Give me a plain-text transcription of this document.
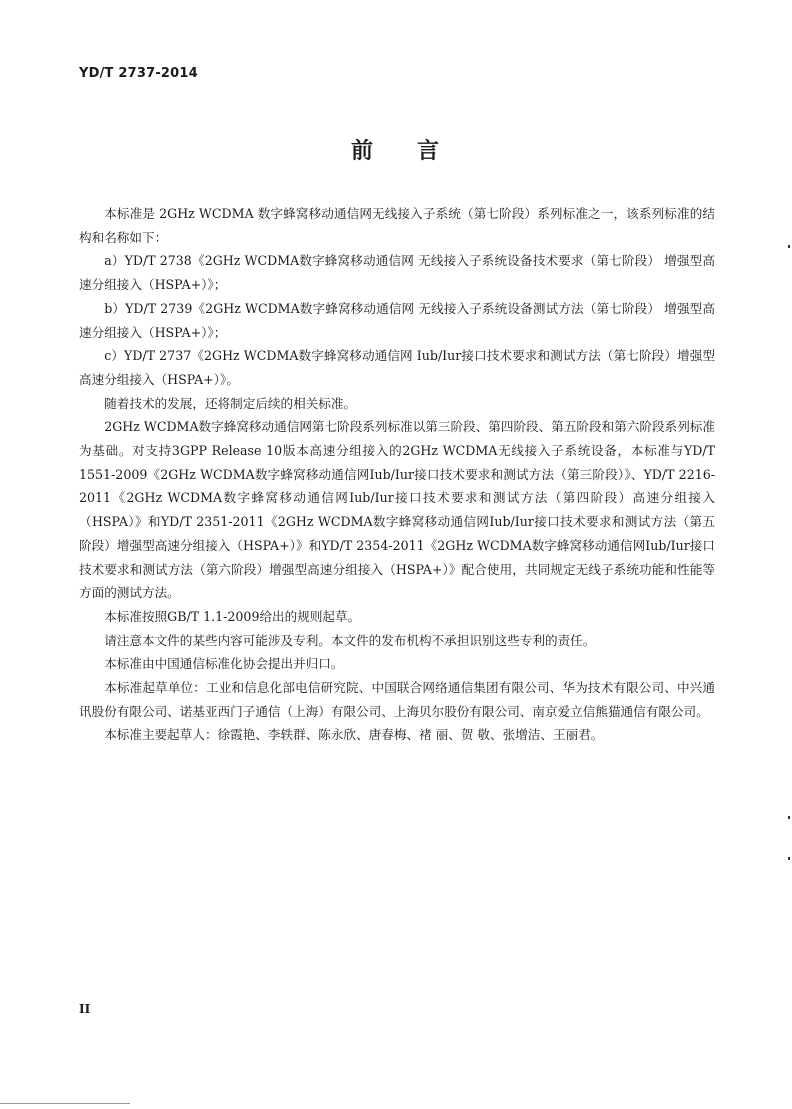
YD/T 2737-2014
前 言

本标准是 2GHz WCDMA 数字蜂窝移动通信网无线接入子系统（第七阶段）系列标准之一，该系列标准的结构和名称如下：

a）YD/T 2738《2GHz WCDMA数字蜂窝移动通信网 无线接入子系统设备技术要求（第七阶段） 增强型高速分组接入（HSPA+）》；

b）YD/T 2739《2GHz WCDMA数字蜂窝移动通信网 无线接入子系统设备测试方法（第七阶段） 增强型高速分组接入（HSPA+）》；

c）YD/T 2737《2GHz WCDMA数字蜂窝移动通信网 Iub/Iur接口技术要求和测试方法（第七阶段）增强型高速分组接入（HSPA+）》。

随着技术的发展，还将制定后续的相关标准。

2GHz WCDMA数字蜂窝移动通信网第七阶段系列标准以第三阶段、第四阶段、第五阶段和第六阶段系列标准为基础。对支持3GPP Release 10版本高速分组接入的2GHz WCDMA无线接入子系统设备，本标准与YD/T 1551-2009《2GHz WCDMA数字蜂窝移动通信网Iub/Iur接口技术要求和测试方法（第三阶段）》、YD/T 2216-2011《2GHz WCDMA数字蜂窝移动通信网Iub/Iur接口技术要求和测试方法（第四阶段）高速分组接入（HSPA）》和YD/T 2351-2011《2GHz WCDMA数字蜂窝移动通信网Iub/Iur接口技术要求和测试方法（第五阶段）增强型高速分组接入（HSPA+）》和YD/T 2354-2011《2GHz WCDMA数字蜂窝移动通信网Iub/Iur接口技术要求和测试方法（第六阶段）增强型高速分组接入（HSPA+）》配合使用，共同规定无线子系统功能和性能等方面的测试方法。

本标准按照GB/T 1.1-2009给出的规则起草。

请注意本文件的某些内容可能涉及专利。本文件的发布机构不承担识别这些专利的责任。

本标准由中国通信标准化协会提出并归口。

本标准起草单位：工业和信息化部电信研究院、中国联合网络通信集团有限公司、华为技术有限公司、中兴通讯股份有限公司、诺基亚西门子通信（上海）有限公司、上海贝尔股份有限公司、南京爱立信熊猫通信有限公司。

本标准主要起草人：徐霞艳、李轶群、陈永欣、唐春梅、褚 丽、贺 敬、张增洁、王丽君。

II
